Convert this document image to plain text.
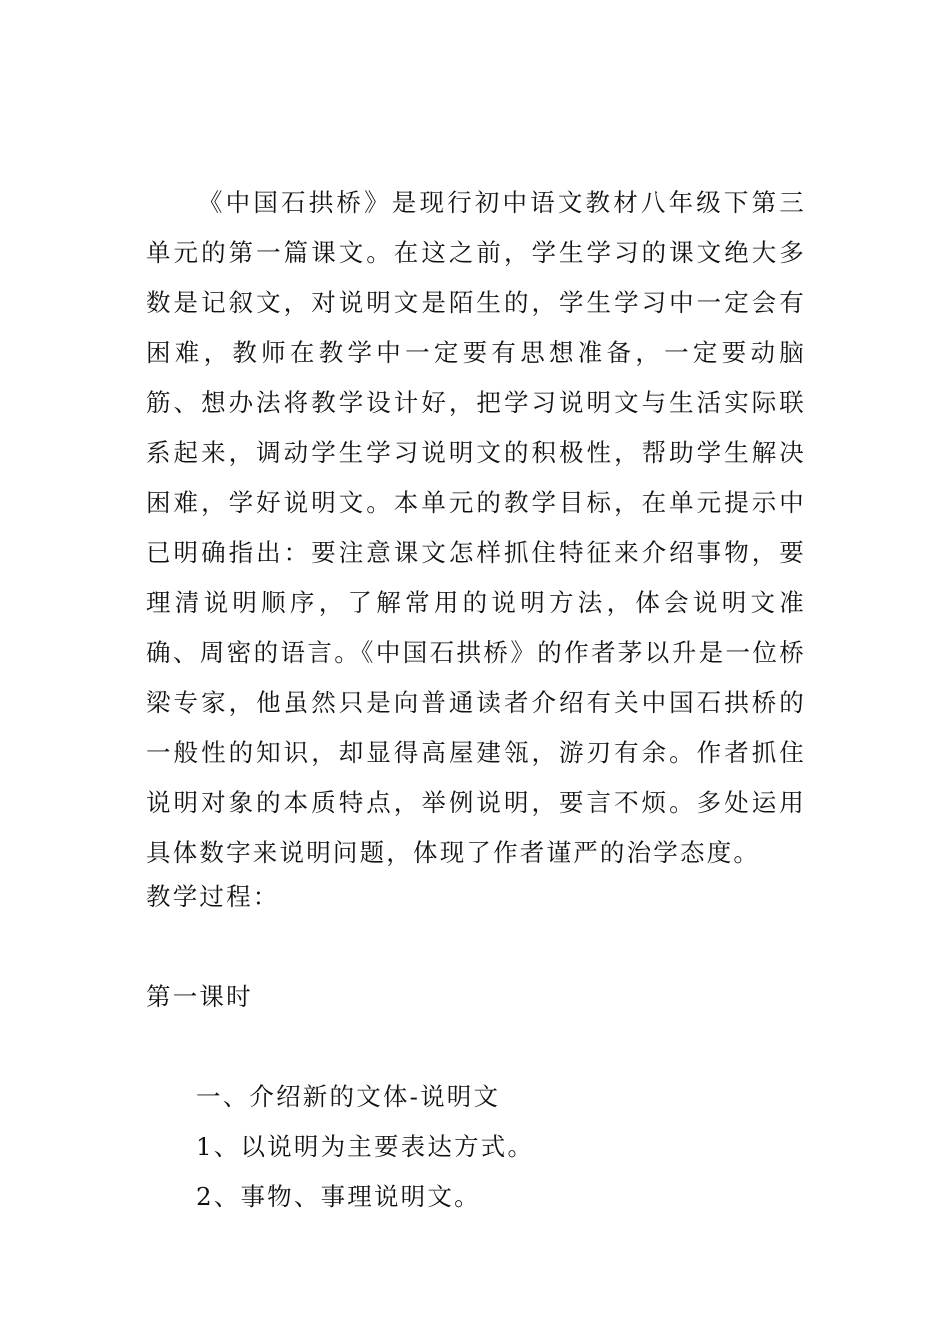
《中国石拱桥》是现行初中语文教材八年级下第三单元的第一篇课文。在这之前，学生学习的课文绝大多数是记叙文，对说明文是陌生的，学生学习中一定会有困难，教师在教学中一定要有思想准备，一定要动脑筋、想办法将教学设计好，把学习说明文与生活实际联系起来，调动学生学习说明文的积极性，帮助学生解决困难，学好说明文。本单元的教学目标，在单元提示中已明确指出：要注意课文怎样抓住特征来介绍事物，要理清说明顺序，了解常用的说明方法，体会说明文准确、周密的语言。《中国石拱桥》的作者茅以升是一位桥梁专家，他虽然只是向普通读者介绍有关中国石拱桥的一般性的知识，却显得高屋建瓴，游刃有余。作者抓住说明对象的本质特点，举例说明，要言不烦。多处运用具体数字来说明问题，体现了作者谨严的治学态度。

教学过程：
第一课时
一、介绍新的文体-说明文
1、以说明为主要表达方式。
2、事物、事理说明文。
